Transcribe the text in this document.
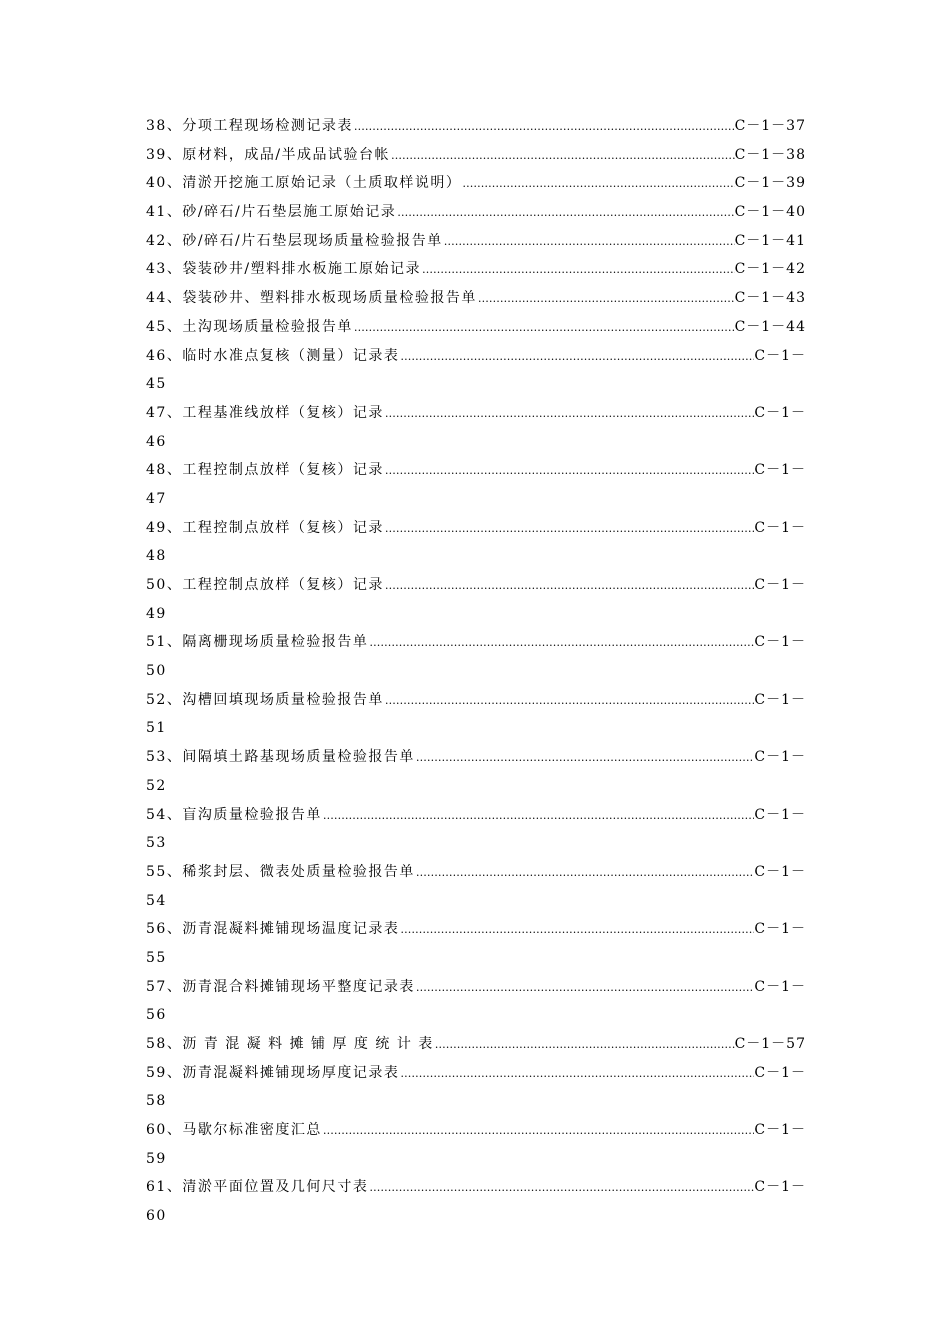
38、分项工程现场检测记录表 ………………………………………………………………………………………………………………………………………………………………	C－1－37
39、原材料，成品/半成品试验台帐 ………………………………………………………………………………………………………………………………………………………………	C－1－38
40、清淤开挖施工原始记录（土质取样说明） ………………………………………………………………………………………………………………………………………………………………	C－1－39
41、砂/碎石/片石垫层施工原始记录 ………………………………………………………………………………………………………………………………………………………………	C－1－40
42、砂/碎石/片石垫层现场质量检验报告单 ………………………………………………………………………………………………………………………………………………………………	C－1－41
43、袋装砂井/塑料排水板施工原始记录 ………………………………………………………………………………………………………………………………………………………………	C－1－42
44、袋装砂井、塑料排水板现场质量检验报告单 ………………………………………………………………………………………………………………………………………………………………	C－1－43
45、土沟现场质量检验报告单 ………………………………………………………………………………………………………………………………………………………………	C－1－44
46、临时水准点复核（测量）记录表 ………………………………………………………………………………………………………………………………………………………………	C－1－
45
47、工程基准线放样（复核）记录 ………………………………………………………………………………………………………………………………………………………………	C－1－
46
48、工程控制点放样（复核）记录 ………………………………………………………………………………………………………………………………………………………………	C－1－
47
49、工程控制点放样（复核）记录 ………………………………………………………………………………………………………………………………………………………………	C－1－
48
50、工程控制点放样（复核）记录 ………………………………………………………………………………………………………………………………………………………………	C－1－
49
51、隔离栅现场质量检验报告单 ………………………………………………………………………………………………………………………………………………………………	C－1－
50
52、沟槽回填现场质量检验报告单 ………………………………………………………………………………………………………………………………………………………………	C－1－
51
53、间隔填土路基现场质量检验报告单 ………………………………………………………………………………………………………………………………………………………………	C－1－
52
54、盲沟质量检验报告单 ………………………………………………………………………………………………………………………………………………………………	C－1－
53
55、稀浆封层、微表处质量检验报告单 ………………………………………………………………………………………………………………………………………………………………	C－1－
54
56、沥青混凝料摊铺现场温度记录表 ………………………………………………………………………………………………………………………………………………………………	C－1－
55
57、沥青混合料摊铺现场平整度记录表 ………………………………………………………………………………………………………………………………………………………………	C－1－
56
58、沥 青 混 凝 料 摊 铺 厚 度 统 计 表 ………………………………………………………………………………………………………………………………………………………………	C－1－57
59、沥青混凝料摊铺现场厚度记录表 ………………………………………………………………………………………………………………………………………………………………	C－1－
58
60、马歇尔标准密度汇总 ………………………………………………………………………………………………………………………………………………………………	C－1－
59
61、清淤平面位置及几何尺寸表 ………………………………………………………………………………………………………………………………………………………………	C－1－
60
